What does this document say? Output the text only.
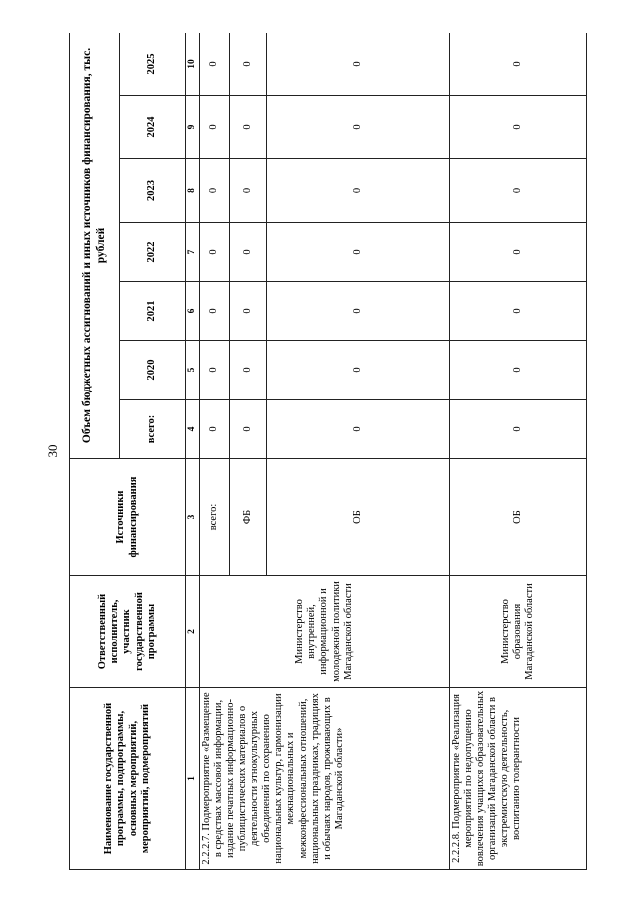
30
Наименование государственной программы, подпрограммы, основных мероприятий, мероприятий, подмероприятий	Ответственный исполнитель, участник государственной программы	Источники финансирования	Объем бюджетных ассигнований и иных источников финансирования, тыс. рублей						
			всего:	2020	2021	2022	2023	2024	2025
1	2	3	4	5	6	7	8	9	10
2.2.2.7. Подмероприятие «Размещение в средствах массовой информации, издание печатных информационно-публицистических материалов о деятельности этнокультурных объединений по сохранению национальных культур, гармонизации межнациональных и межконфессиональных отношений, национальных праздниках, традициях и обычаях народов, проживающих в Магаданской области»	Министерство внутренней, информационной и молодежной политики Магаданской области	всего:	0	0	0	0	0	0	0
		ФБ	0	0	0	0	0	0	0
		ОБ	0	0	0	0	0	0	0
2.2.2.8. Подмероприятие «Реализация мероприятий по недопущению вовлечения учащихся образовательных организаций Магаданской области в экстремистскую деятельность, воспитанию толерантности	Министерство образования Магаданской области	ОБ	0	0	0	0	0	0	0
